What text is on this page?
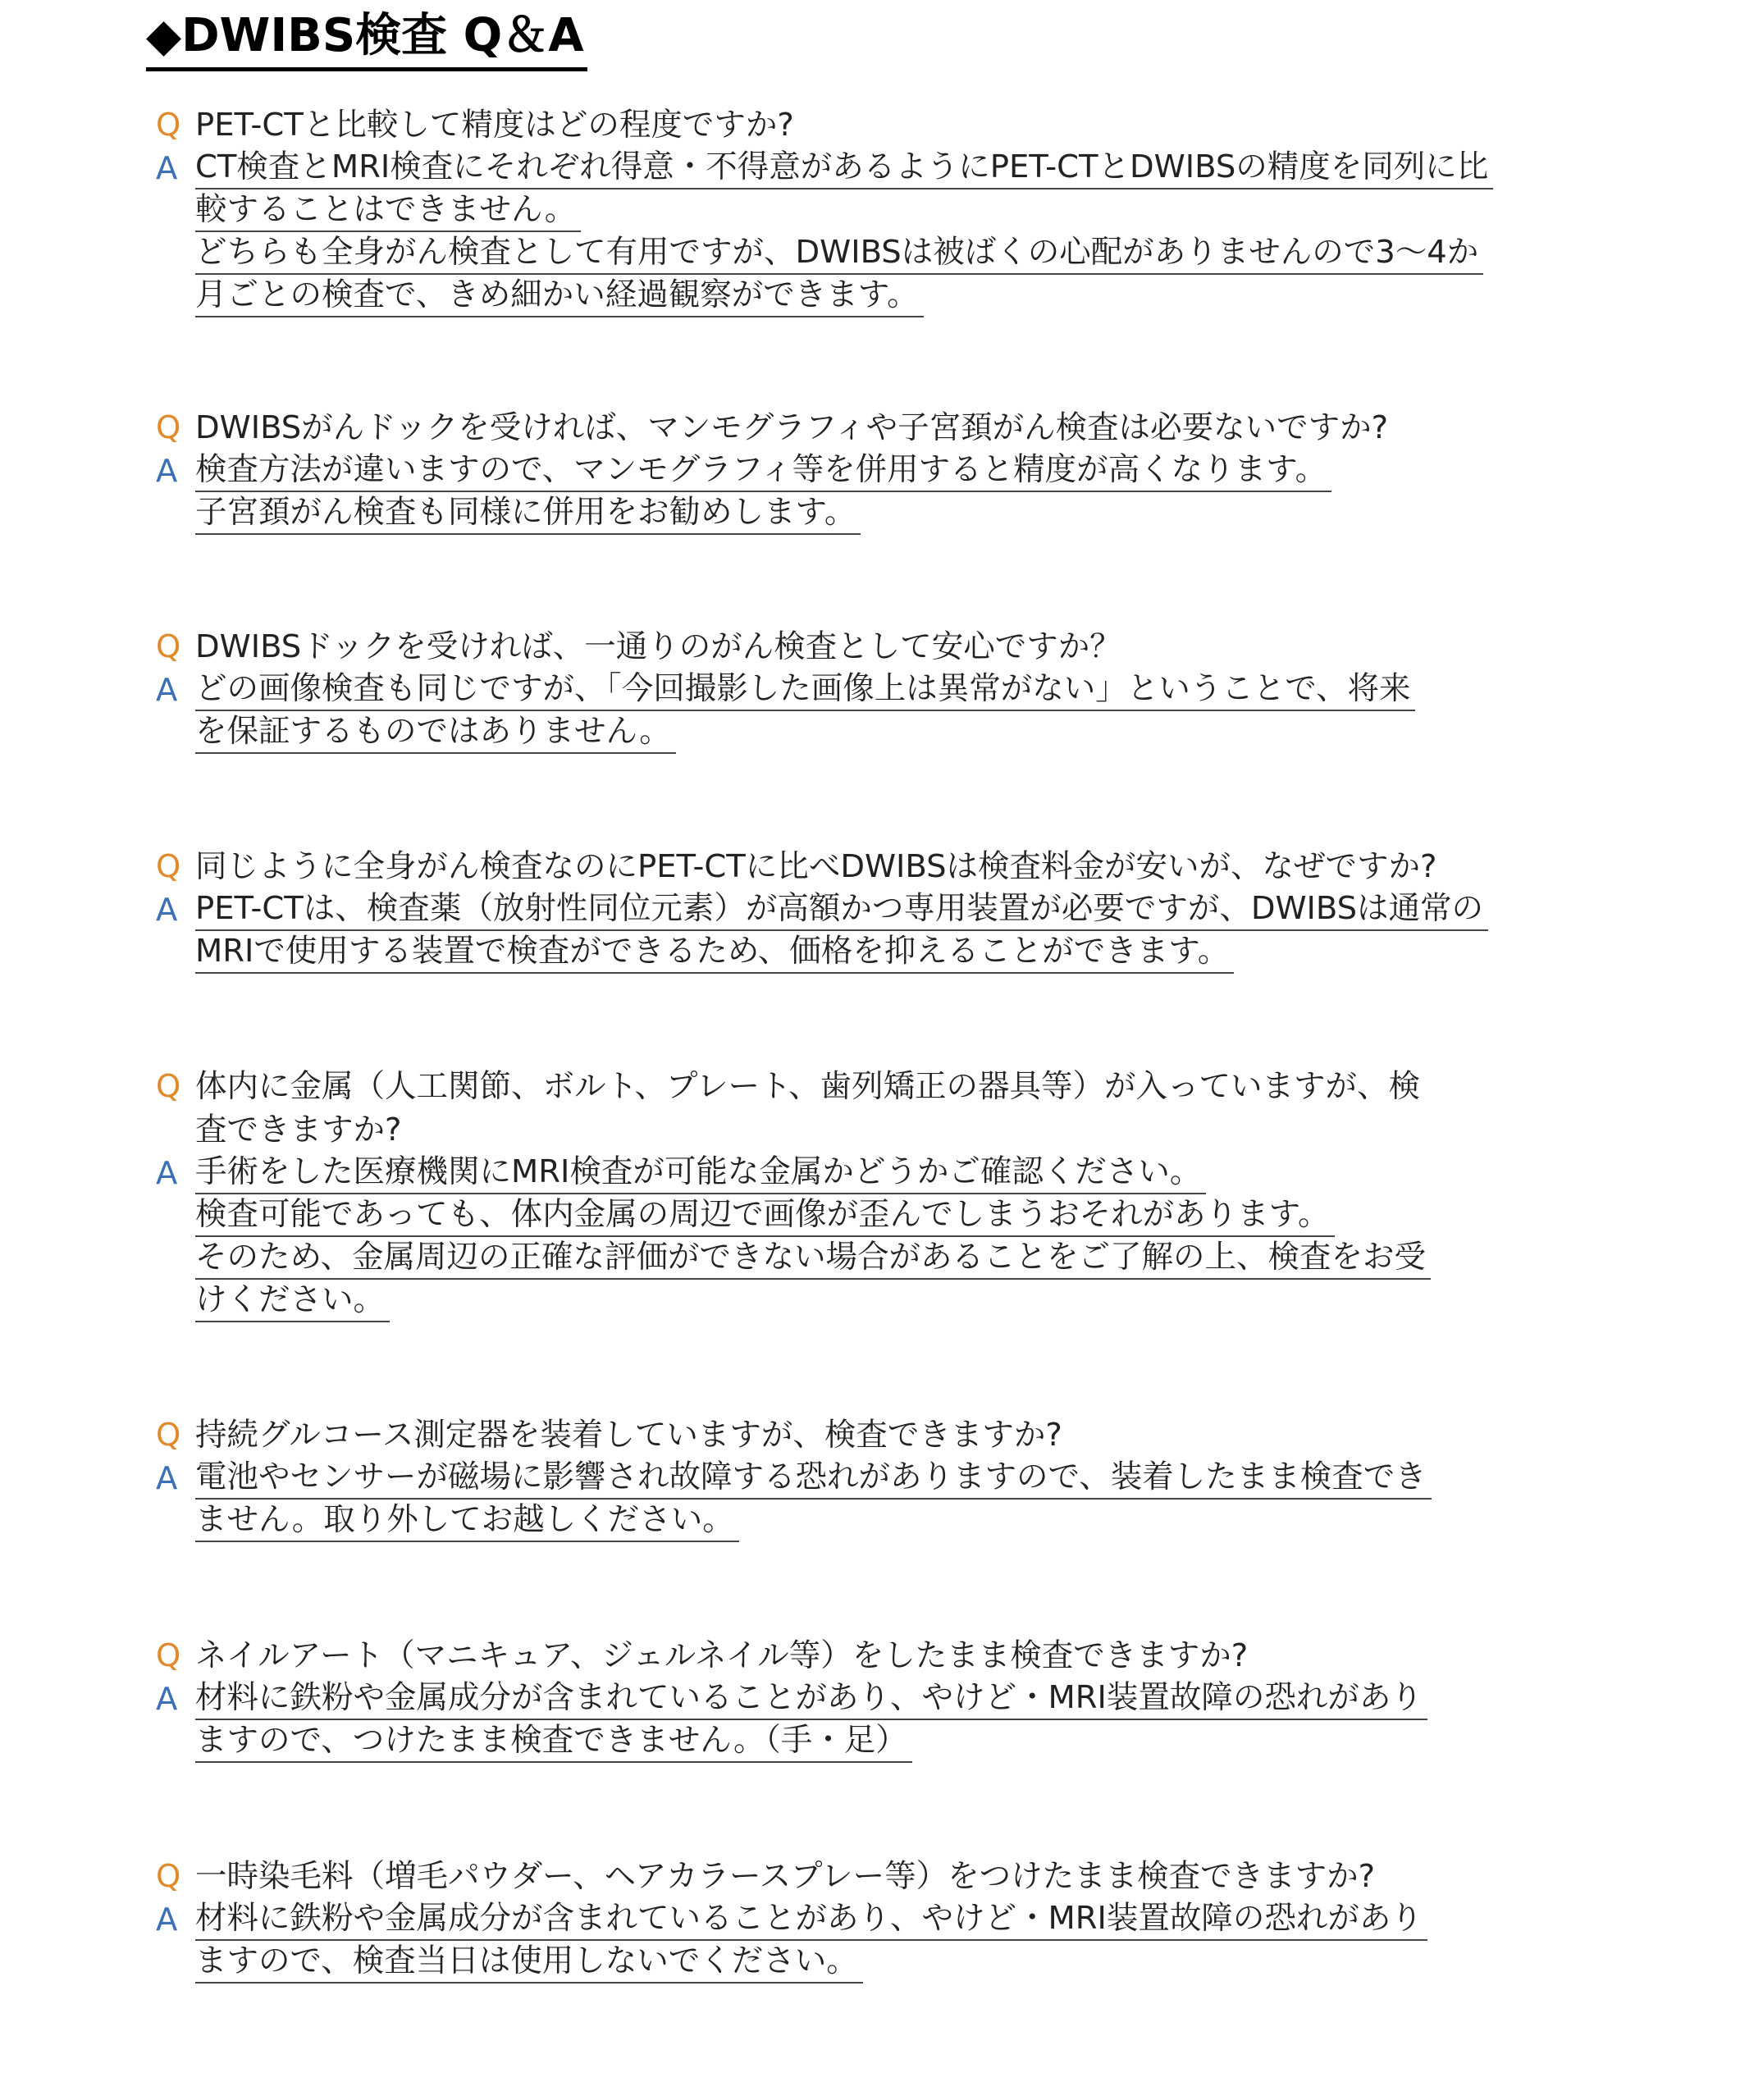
◆DWIBS検査 Q＆A
Q PET-CTと比較して精度はどの程度ですか?
A CT検査とMRI検査にそれぞれ得意・不得意があるようにPET-CTとDWIBSの精度を同列に比
較することはできません。
どちらも全身がん検査として有用ですが、DWIBSは被ばくの心配がありませんので3〜4か
月ごとの検査で、きめ細かい経過観察ができます。
Q DWIBSがんドックを受ければ、マンモグラフィや子宮頚がん検査は必要ないですか?
A 検査方法が違いますので、マンモグラフィ等を併用すると精度が高くなります。
子宮頚がん検査も同様に併用をお勧めします。
Q DWIBSドックを受ければ、一通りのがん検査として安心ですか？
A どの画像検査も同じですが、「今回撮影した画像上は異常がない」ということで、将来
を保証するものではありません。
Q 同じように全身がん検査なのにPET-CTに比べDWIBSは検査料金が安いが、なぜですか?
A PET-CTは、検査薬（放射性同位元素）が高額かつ専用装置が必要ですが、DWIBSは通常の
MRIで使用する装置で検査ができるため、価格を抑えることができます。
Q 体内に金属（人工関節、ボルト、プレート、歯列矯正の器具等）が入っていますが、検
査できますか?
A 手術をした医療機関にMRI検査が可能な金属かどうかご確認ください。
検査可能であっても、体内金属の周辺で画像が歪んでしまうおそれがあります。
そのため、金属周辺の正確な評価ができない場合があることをご了解の上、検査をお受
けください。
Q 持続グルコース測定器を装着していますが、検査できますか?
A 電池やセンサーが磁場に影響され故障する恐れがありますので、装着したまま検査でき
ません。取り外してお越しください。
Q ネイルアート（マニキュア、ジェルネイル等）をしたまま検査できますか?
A 材料に鉄粉や金属成分が含まれていることがあり、やけど・MRI装置故障の恐れがあり
ますので、つけたまま検査できません。（手・足）
Q 一時染毛料（増毛パウダー、ヘアカラースプレー等）をつけたまま検査できますか?
A 材料に鉄粉や金属成分が含まれていることがあり、やけど・MRI装置故障の恐れがあり
ますので、検査当日は使用しないでください。
